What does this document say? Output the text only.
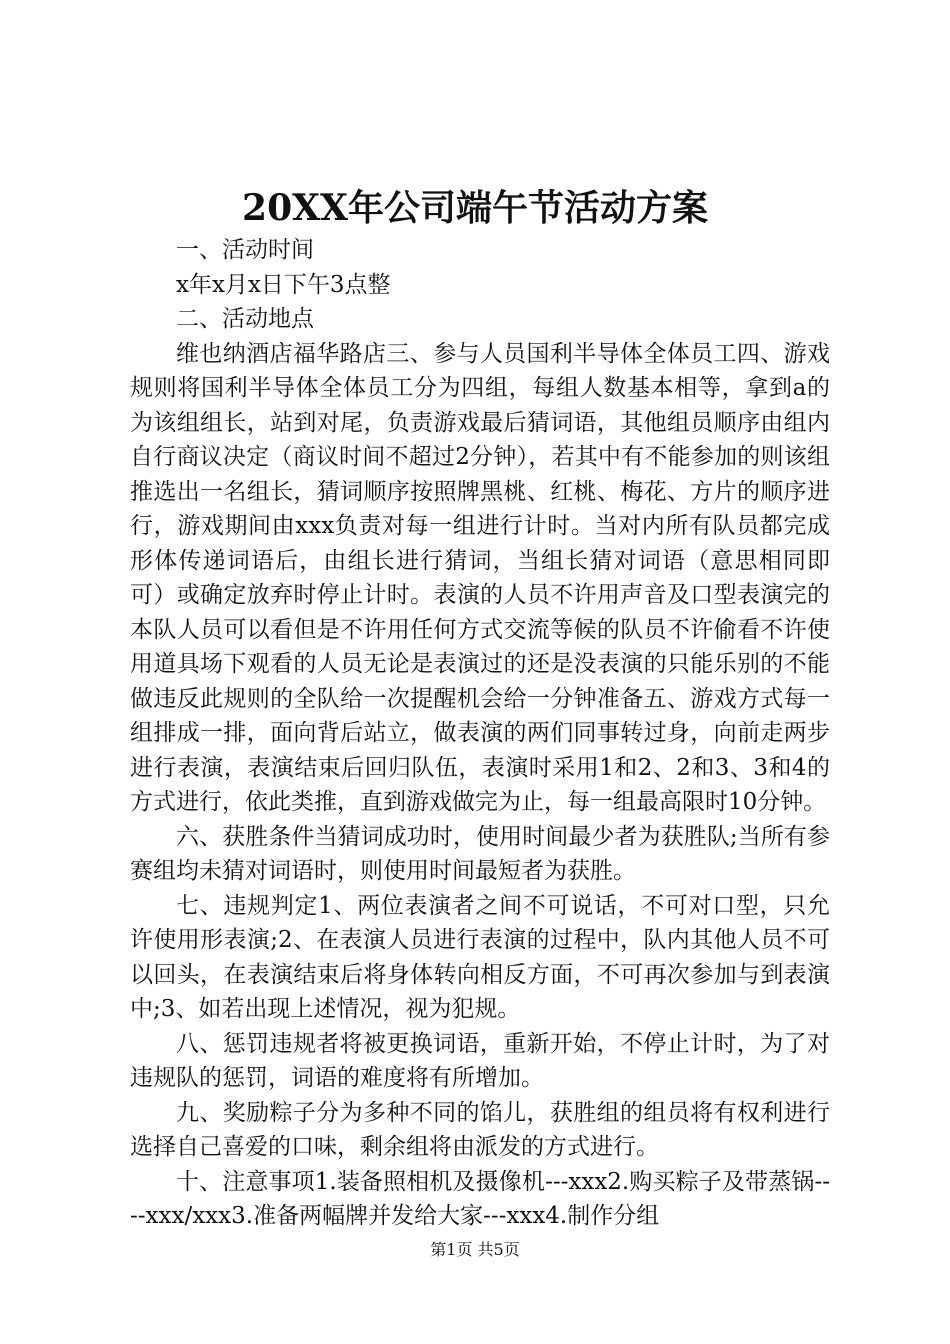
20XX年公司端午节活动方案

一、活动时间

x年x月x日下午3点整

二、活动地点

维也纳酒店福华路店三、参与人员国利半导体全体员工四、游戏规则将国利半导体全体员工分为四组，每组人数基本相等，拿到a的为该组组长，站到对尾，负责游戏最后猜词语，其他组员顺序由组内自行商议决定（商议时间不超过2分钟），若其中有不能参加的则该组推选出一名组长，猜词顺序按照牌黑桃、红桃、梅花、方片的顺序进行，游戏期间由xxx负责对每一组进行计时。当对内所有队员都完成形体传递词语后，由组长进行猜词，当组长猜对词语（意思相同即可）或确定放弃时停止计时。表演的人员不许用声音及口型表演完的本队人员可以看但是不许用任何方式交流等候的队员不许偷看不许使用道具场下观看的人员无论是表演过的还是没表演的只能乐别的不能做违反此规则的全队给一次提醒机会给一分钟准备五、游戏方式每一组排成一排，面向背后站立，做表演的两们同事转过身，向前走两步进行表演，表演结束后回归队伍，表演时采用1和2、2和3、3和4的方式进行，依此类推，直到游戏做完为止，每一组最高限时10分钟。

六、获胜条件当猜词成功时，使用时间最少者为获胜队;当所有参赛组均未猜对词语时，则使用时间最短者为获胜。

七、违规判定1、两位表演者之间不可说话，不可对口型，只允许使用形表演;2、在表演人员进行表演的过程中，队内其他人员不可以回头，在表演结束后将身体转向相反方面，不可再次参加与到表演中;3、如若出现上述情况，视为犯规。

八、惩罚违规者将被更换词语，重新开始，不停止计时，为了对违规队的惩罚，词语的难度将有所增加。

九、奖励粽子分为多种不同的馅儿，获胜组的组员将有权利进行选择自己喜爱的口味，剩余组将由派发的方式进行。

十、注意事项1.装备照相机及摄像机---xxx2.购买粽子及带蒸锅----xxx/xxx3.准备两幅牌并发给大家---xxx4.制作分组

第1页 共5页
